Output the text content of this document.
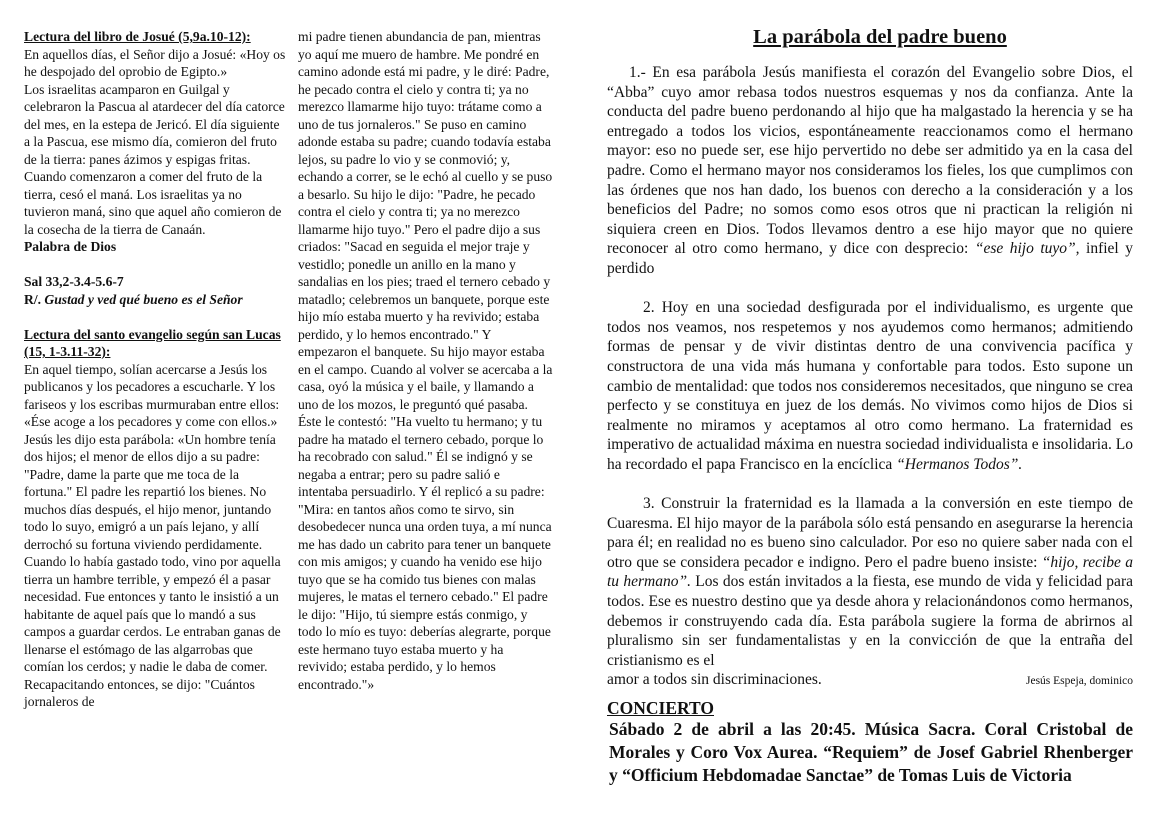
Lectura del libro de Josué (5,9a.10-12):
En aquellos días, el Señor dijo a Josué: «Hoy os he despojado del oprobio de Egipto.»
Los israelitas acamparon en Guilgal y celebraron la Pascua al atardecer del día catorce del mes, en la estepa de Jericó. El día siguiente a la Pascua, ese mismo día, comieron del fruto de la tierra: panes ázimos y espigas fritas. Cuando comenzaron a comer del fruto de la tierra, cesó el maná. Los israelitas ya no tuvieron maná, sino que aquel año comieron de la cosecha de la tierra de Canaán.
Palabra de Dios
Sal 33,2-3.4-5.6-7
R/. Gustad y ved qué bueno es el Señor
Lectura del santo evangelio según san Lucas (15, 1-3.11-32):
En aquel tiempo, solían acercarse a Jesús los publicanos y los pecadores a escucharle. Y los fariseos y los escribas murmuraban entre ellos: «Ése acoge a los pecadores y come con ellos.»
Jesús les dijo esta parábola: «Un hombre tenía dos hijos; el menor de ellos dijo a su padre: "Padre, dame la parte que me toca de la fortuna." El padre les repartió los bienes. No muchos días después, el hijo menor, juntando todo lo suyo, emigró a un país lejano, y allí derrochó su fortuna viviendo perdidamente. Cuando lo había gastado todo, vino por aquella tierra un hambre terrible, y empezó él a pasar necesidad. Fue entonces y tanto le insistió a un habitante de aquel país que lo mandó a sus campos a guardar cerdos. Le entraban ganas de llenarse el estómago de las algarrobas que comían los cerdos; y nadie le daba de comer. Recapacitando entonces, se dijo: "Cuántos jornaleros de
mi padre tienen abundancia de pan, mientras yo aquí me muero de hambre. Me pondré en camino adonde está mi padre, y le diré: Padre, he pecado contra el cielo y contra ti; ya no merezco llamarme hijo tuyo: trátame como a uno de tus jornaleros." Se puso en camino adonde estaba su padre; cuando todavía estaba lejos, su padre lo vio y se conmovió; y, echando a correr, se le echó al cuello y se puso a besarlo. Su hijo le dijo: "Padre, he pecado contra el cielo y contra ti; ya no merezco llamarme hijo tuyo." Pero el padre dijo a sus criados: "Sacad en seguida el mejor traje y vestidlo; ponedle un anillo en la mano y sandalias en los pies; traed el ternero cebado y matadlo; celebremos un banquete, porque este hijo mío estaba muerto y ha revivido; estaba perdido, y lo hemos encontrado." Y empezaron el banquete. Su hijo mayor estaba en el campo. Cuando al volver se acercaba a la casa, oyó la música y el baile, y llamando a uno de los mozos, le preguntó qué pasaba. Éste le contestó: "Ha vuelto tu hermano; y tu padre ha matado el ternero cebado, porque lo ha recobrado con salud." Él se indignó y se negaba a entrar; pero su padre salió e intentaba persuadirlo. Y él replicó a su padre: "Mira: en tantos años como te sirvo, sin desobedecer nunca una orden tuya, a mí nunca me has dado un cabrito para tener un banquete con mis amigos; y cuando ha venido ese hijo tuyo que se ha comido tus bienes con malas mujeres, le matas el ternero cebado." El padre le dijo: "Hijo, tú siempre estás conmigo, y todo lo mío es tuyo: deberías alegrarte, porque este hermano tuyo estaba muerto y ha revivido; estaba perdido, y lo hemos encontrado."»
La parábola del padre bueno

1.- En esa parábola Jesús manifiesta el corazón del Evangelio sobre Dios, el “Abba” cuyo amor rebasa todos nuestros esquemas y nos da confianza. Ante la conducta del padre bueno perdonando al hijo que ha malgastado la herencia y se ha entregado a todos los vicios, espontáneamente reaccionamos como el hermano mayor: eso no puede ser, ese hijo pervertido no debe ser admitido ya en la casa del padre. Como el hermano mayor nos consideramos los fieles, los que cumplimos con las órdenes que nos han dado, los buenos con derecho a la consideración y a los beneficios del Padre; no somos como esos otros que ni practican la religión ni siquiera creen en Dios. Todos llevamos dentro a ese hijo mayor que no quiere reconocer al otro como hermano, y dice con desprecio: “ese hijo tuyo”, infiel y perdido

2. Hoy en una sociedad desfigurada por el individualismo, es urgente que todos nos veamos, nos respetemos y nos ayudemos como hermanos; admitiendo formas de pensar y de vivir distintas dentro de una convivencia pacífica y constructora de una vida más humana y confortable para todos. Esto supone un cambio de mentalidad: que todos nos consideremos necesitados, que ninguno se crea perfecto y se constituya en juez de los demás. No vivimos como hijos de Dios si realmente no miramos y aceptamos al otro como hermano. La fraternidad es imperativo de actualidad máxima en nuestra sociedad individualista e insolidaria. Lo ha recordado el papa Francisco en la encíclica “Hermanos Todos”.

3. Construir la fraternidad es la llamada a la conversión en este tiempo de Cuaresma. El hijo mayor de la parábola sólo está pensando en asegurarse la herencia para él; en realidad no es bueno sino calculador. Por eso no quiere saber nada con el otro que se considera pecador e indigno. Pero el padre bueno insiste: “hijo, recibe a tu hermano”. Los dos están invitados a la fiesta, ese mundo de vida y felicidad para todos. Ese es nuestro destino que ya desde ahora y relacionándonos como hermanos, debemos ir construyendo cada día. Esta parábola sugiere la forma de abrirnos al pluralismo sin ser fundamentalistas y en la convicción de que la entraña del cristianismo es el

amor a todos sin discriminaciones.	Jesús Espeja, dominico
CONCIERTO

Sábado 2 de abril a las 20:45. Música Sacra. Coral Cristobal de Morales y Coro Vox Aurea. “Requiem” de Josef Gabriel Rhenberger y “Officium Hebdomadae Sanctae” de Tomas Luis de Victoria
